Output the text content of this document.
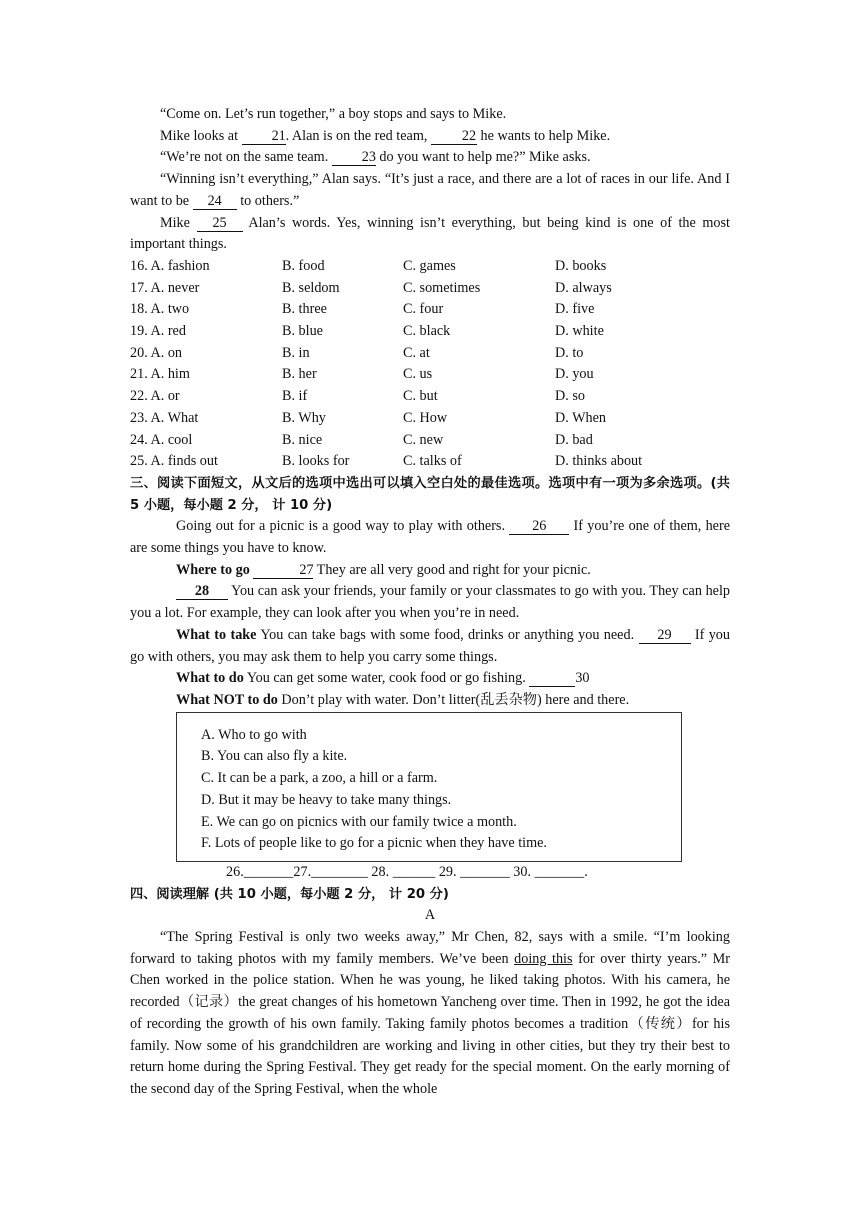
“Come on. Let’s run together,” a boy stops and says to Mike.

Mike looks at 21. Alan is on the red team, 22 he wants to help Mike.

“We’re not on the same team. 23 do you want to help me?” Mike asks.

“Winning isn’t everything,” Alan says. “It’s just a race, and there are a lot of races in our life. And I want to be 24 to others.”

Mike 25 Alan’s words. Yes, winning isn’t everything, but being kind is one of the most important things.

16. A. fashion	B. food	C. games	D. books
17. A. never	B. seldom	C. sometimes	D. always
18. A. two	B. three	C. four	D. five
19. A. red	B. blue	C. black	D. white
20. A. on	B. in	C. at	D. to
21. A. him	B. her	C. us	D. you
22. A. or	B. if	C. but	D. so
23. A. What	B. Why	C. How	D. When
24. A. cool	B. nice	C. new	D. bad
25. A. finds out	B. looks for	C. talks of	D. thinks about

三、阅读下面短文，从文后的选项中选出可以填入空白处的最佳选项。选项中有一项为多余选项。(共 5 小题，每小题 2 分， 计 10 分)

Going out for a picnic is a good way to play with others. 26 If you’re one of them, here are some things you have to know.

Where to go	27 They are all very good and right for your picnic.

28 You can ask your friends, your family or your classmates to go with you. They can help you a lot. For example, they can look after you when you’re in need.

What to take You can take bags with some food, drinks or anything you need. 29 If you go with others, you may ask them to help you carry some things.

What to do You can get some water, cook food or go fishing.	30

What NOT to do Don’t play with water. Don’t litter(乱丢杂物) here and there.

A. Who to go with

B. You can also fly a kite.

C. It can be a park, a zoo, a hill or a farm.

D. But it may be heavy to take many things.

E. We can go on picnics with our family twice a month.

F. Lots of people like to go for a picnic when they have time.

26._______27.________ 28. ______ 29. _______ 30. _______.

四、阅读理解 (共 10 小题，每小题 2 分， 计 20 分)

A

“The Spring Festival is only two weeks away,” Mr Chen, 82, says with a smile. “I’m looking forward to taking photos with my family members. We’ve been doing this for over thirty years.” Mr Chen worked in the police station. When he was young, he liked taking photos. With his camera, he recorded（记录）the great changes of his hometown Yancheng over time. Then in 1992, he got the idea of recording the growth of his own family. Taking family photos becomes a tradition（传统）for his family. Now some of his grandchildren are working and living in other cities, but they try their best to return home during the Spring Festival. They get ready for the special moment. On the early morning of the second day of the Spring Festival, when the whole
